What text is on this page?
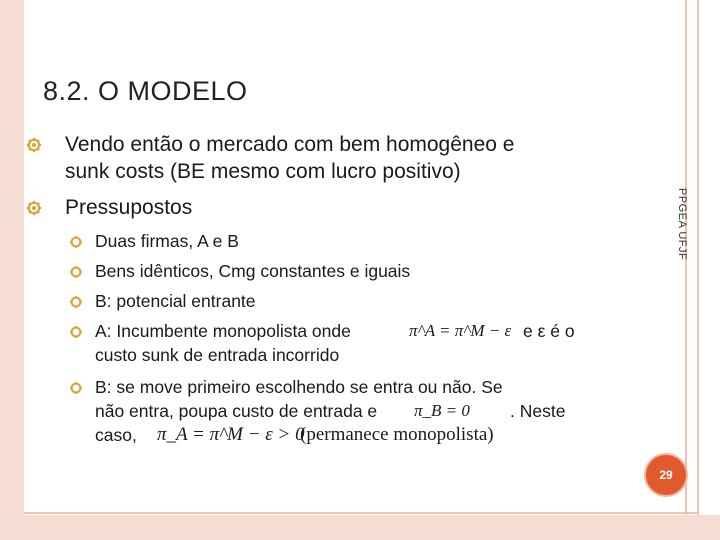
8.2. O MODELO
PPGEA UFJF
Vendo então o mercado com bem homogêneo e
sunk costs (BE mesmo com lucro positivo)
Pressupostos
Duas firmas, A e B
Bens idênticos, Cmg constantes e iguais
B: potencial entrante
A: Incumbente monopolista onde	π^A = π^M − ε e ε é o
custo sunk de entrada incorrido
B: se move primeiro escolhendo se entra ou não. Se
não entra, poupa custo de entrada e π_B = 0 . Neste
caso, π_A = π^M − ε > 0
(permanece monopolista)
29
